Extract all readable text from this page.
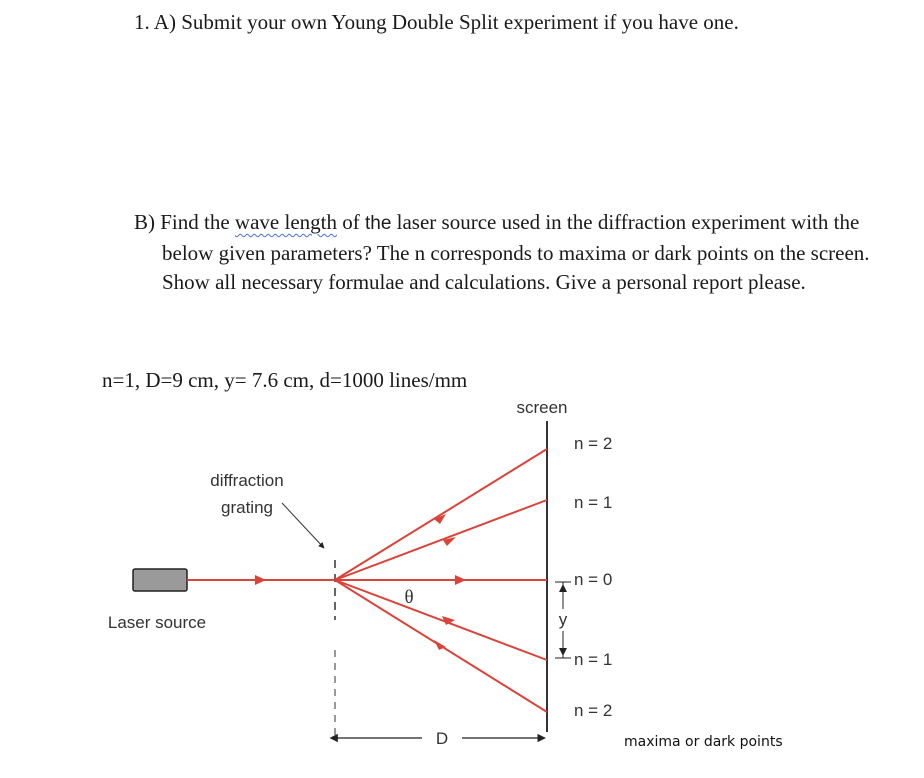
1. A) Submit your own Young Double Split experiment if you have one.
B) Find the wave length of the laser source used in the diffraction experiment with the below given parameters? The n corresponds to maxima or dark points on the screen. Show all necessary formulae and calculations. Give a personal report please.
n=1, D=9 cm, y= 7.6 cm, d=1000 lines/mm
screen
diffraction
grating
Laser source
θ
y
n = 2
n = 1
n = 0
n = 1
n = 2
D	maxima or dark points
